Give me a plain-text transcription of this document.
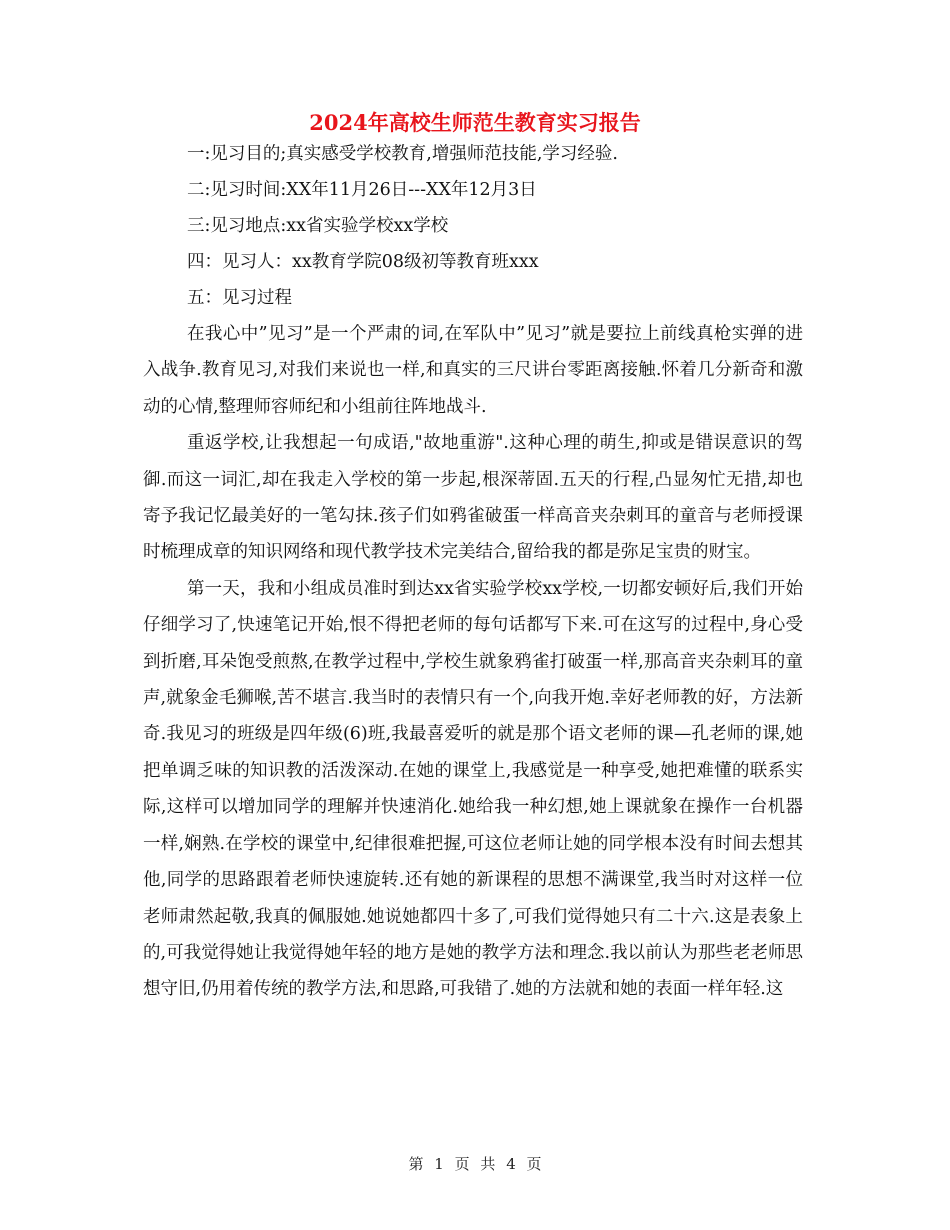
2024年高校生师范生教育实习报告

一:见习目的;真实感受学校教育,增强师范技能,学习经验.

二:见习时间:XX年11月26日---XX年12月3日

三:见习地点:xx省实验学校xx学校

四：见习人：xx教育学院08级初等教育班xxx

五：见习过程

在我心中”见习”是一个严肃的词,在军队中”见习”就是要拉上前线真枪实弹的进入战争.教育见习,对我们来说也一样,和真实的三尺讲台零距离接触.怀着几分新奇和激动的心情,整理师容师纪和小组前往阵地战斗.

重返学校,让我想起一句成语,"故地重游".这种心理的萌生,抑或是错误意识的驾御.而这一词汇,却在我走入学校的第一步起,根深蒂固.五天的行程,凸显匆忙无措,却也寄予我记忆最美好的一笔勾抹.孩子们如鸦雀破蛋一样高音夹杂刺耳的童音与老师授课时梳理成章的知识网络和现代教学技术完美结合,留给我的都是弥足宝贵的财宝。

第一天，我和小组成员准时到达xx省实验学校xx学校,一切都安顿好后,我们开始仔细学习了,快速笔记开始,恨不得把老师的每句话都写下来.可在这写的过程中,身心受到折磨,耳朵饱受煎熬,在教学过程中,学校生就象鸦雀打破蛋一样,那高音夹杂刺耳的童声,就象金毛狮喉,苦不堪言.我当时的表情只有一个,向我开炮.幸好老师教的好，方法新奇.我见习的班级是四年级(6)班,我最喜爱听的就是那个语文老师的课—孔老师的课,她把单调乏味的知识教的活泼深动.在她的课堂上,我感觉是一种享受,她把难懂的联系实际,这样可以增加同学的理解并快速消化.她给我一种幻想,她上课就象在操作一台机器一样,娴熟.在学校的课堂中,纪律很难把握,可这位老师让她的同学根本没有时间去想其他,同学的思路跟着老师快速旋转.还有她的新课程的思想不满课堂,我当时对这样一位老师肃然起敬,我真的佩服她.她说她都四十多了,可我们觉得她只有二十六.这是表象上的,可我觉得她让我觉得她年轻的地方是她的教学方法和理念.我以前认为那些老老师思想守旧,仍用着传统的教学方法,和思路,可我错了.她的方法就和她的表面一样年轻.这

第 1 页 共 4 页
